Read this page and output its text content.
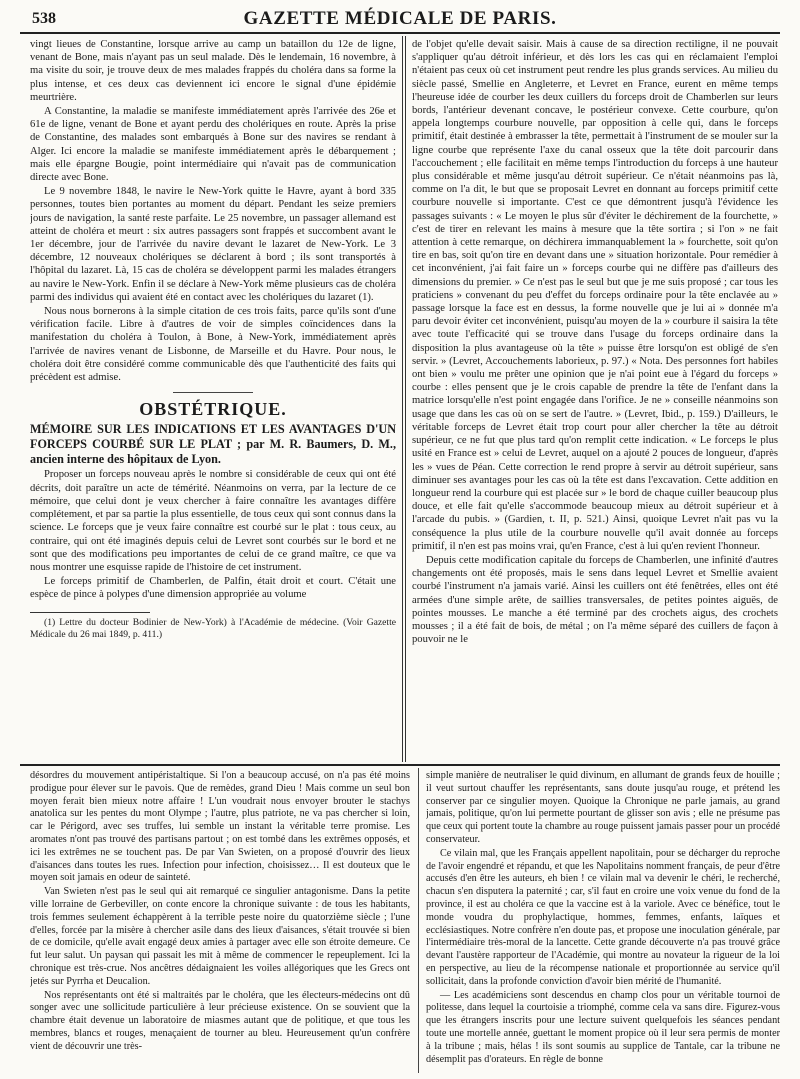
538	GAZETTE MÉDICALE DE PARIS.

vingt lieues de Constantine, lorsque arrive au camp un bataillon du 12e de ligne, venant de Bone, mais n'ayant pas un seul malade. Dès le lendemain, 16 novembre, à ma visite du soir, je trouve deux de mes malades frappés du choléra dans sa forme la plus intense, et ces deux cas deviennent ici encore le signal d'une épidémie meurtrière.

A Constantine, la maladie se manifeste immédiatement après l'arrivée des 26e et 61e de ligne, venant de Bone et ayant perdu des cholériques en route. Après la prise de Constantine, des malades sont embarqués à Bone sur des navires se rendant à Alger. Ici encore la maladie se manifeste immédiatement après le débarquement ; mais elle épargne Bougie, point intermédiaire qui n'avait pas de communication directe avec Bone.

Le 9 novembre 1848, le navire le New-York quitte le Havre, ayant à bord 335 personnes, toutes bien portantes au moment du départ. Pendant les seize premiers jours de navigation, la santé reste parfaite. Le 25 novembre, un passager allemand est atteint de choléra et meurt : six autres passagers sont frappés et succombent avant le 1er décembre, jour de l'arrivée du navire devant le lazaret de New-York. Le 3 décembre, 12 nouveaux cholériques se déclarent à bord ; ils sont transportés à l'hôpital du lazaret. Là, 15 cas de choléra se développent parmi les malades étrangers au navire le New-York. Enfin il se déclare à New-York même plusieurs cas de choléra parmi des individus qui avaient été en contact avec les cholériques du lazaret (1).

Nous nous bornerons à la simple citation de ces trois faits, parce qu'ils sont d'une vérification facile. Libre à d'autres de voir de simples coïncidences dans la manifestation du choléra à Toulon, à Bone, à New-York, immédiatement après l'arrivée de navires venant de Lisbonne, de Marseille et du Havre. Pour nous, le choléra doit être considéré comme communicable dès que l'authenticité des faits qui précèdent est admise.

OBSTÉTRIQUE.

MÉMOIRE SUR LES INDICATIONS ET LES AVANTAGES D'UN FORCEPS COURBÉ SUR LE PLAT ; par M. R. Baumers, D. M., ancien interne des hôpitaux de Lyon.

Proposer un forceps nouveau après le nombre si considérable de ceux qui ont été décrits, doit paraître un acte de témérité. Néanmoins on verra, par la lecture de ce mémoire, que celui dont je veux chercher à faire connaître les avantages diffère complétement, et par sa partie la plus essentielle, de tous ceux qui sont connus dans la science. Le forceps que je veux faire connaître est courbé sur le plat : tous ceux, au contraire, qui ont été imaginés depuis celui de Levret sont courbés sur le bord et ne sont que des modifications peu importantes de celui de ce grand maître, ce que va nous montrer une esquisse rapide de l'histoire de cet instrument.

Le forceps primitif de Chamberlen, de Palfin, était droit et court. C'était une espèce de pince à polypes d'une dimension appropriée au volume

(1) Lettre du docteur Bodinier de New-York) à l'Académie de médecine. (Voir Gazette Médicale du 26 mai 1849, p. 411.)

de l'objet qu'elle devait saisir. Mais à cause de sa direction rectiligne, il ne pouvait s'appliquer qu'au détroit inférieur, et dès lors les cas qui en réclamaient l'emploi n'étaient pas ceux où cet instrument peut rendre les plus grands services. Au milieu du siècle passé, Smellie en Angleterre, et Levret en France, eurent en même temps l'heureuse idée de courber les deux cuillers du forceps droit de Chamberlen sur leurs bords, l'antérieur devenant concave, le postérieur convexe. Cette courbure, qu'on appela longtemps courbure nouvelle, par opposition à celle qui, dans le forceps primitif, était destinée à embrasser la tête, permettait à l'instrument de se mouler sur la ligne courbe que représente l'axe du canal osseux que la tête doit parcourir dans l'accouchement ; elle facilitait en même temps l'introduction du forceps à une hauteur plus considérable et même jusqu'au détroit supérieur. Ce n'était néanmoins pas là, comme on l'a dit, le but que se proposait Levret en donnant au forceps primitif cette courbure nouvelle si importante. C'est ce que démontrent jusqu'à l'évidence les passages suivants : « Le moyen le plus sûr d'éviter le déchirement de la fourchette, » c'est de tirer en relevant les mains à mesure que la tête sortira ; si l'on » ne fait attention à cette remarque, on déchirera immanquablement la » fourchette, soit qu'on tire en bas, soit qu'on tire en devant dans une » situation horizontale. Pour remédier à cet inconvénient, j'ai fait faire un » forceps courbe qui ne diffère pas d'ailleurs des dimensions du premier. » Ce n'est pas le seul but que je me suis proposé ; car tous les praticiens » convenant du peu d'effet du forceps ordinaire pour la tête enclavée au » passage lorsque la face est en dessus, la forme nouvelle que je lui ai » donnée m'a paru devoir éviter cet inconvénient, puisqu'au moyen de la » courbure il saisira la tête avec toute l'efficacité qui se trouve dans l'usage du forceps ordinaire dans la disposition la plus avantageuse où la tête » puisse être lorsqu'on est obligé de s'en servir. » (Levret, Accouchements laborieux, p. 97.) « Nota. Des personnes fort habiles ont bien » voulu me prêter une opinion que je n'ai point eue à l'égard du forceps » courbe : elles pensent que je le crois capable de prendre la tête de l'enfant dans la matrice lorsqu'elle n'est point engagée dans l'orifice. Je ne » conseille néanmoins son usage que dans les cas où on se sert de l'autre. » (Levret, Ibid., p. 159.) D'ailleurs, le véritable forceps de Levret était trop court pour aller chercher la tête au détroit supérieur, ce ne fut que plus tard qu'on remplit cette indication. « Le forceps le plus usité en France est » celui de Levret, auquel on a ajouté 2 pouces de longueur, d'après les » vues de Péan. Cette correction le rend propre à servir au détroit supérieur, sans diminuer ses avantages pour les cas où la tête est dans l'excavation. Cette addition en longueur rend la courbure qui est placée sur » le bord de chaque cuiller beaucoup plus douce, et elle fait qu'elle s'accommode beaucoup mieux au détroit supérieur et à l'arcade du pubis. » (Gardien, t. II, p. 521.) Ainsi, quoique Levret n'ait pas vu la conséquence la plus utile de la courbure nouvelle qu'il avait donnée au forceps primitif, il n'en est pas moins vrai, qu'en France, c'est à lui qu'en revient l'honneur.

Depuis cette modification capitale du forceps de Chamberlen, une infinité d'autres changements ont été proposés, mais le sens dans lequel Levret et Smellie avaient courbé l'instrument n'a jamais varié. Ainsi les cuillers ont été fenêtrées, elles ont été armées d'une simple arête, de saillies transversales, de petites pointes aiguës, de pointes mousses. Le manche a été terminé par des crochets aigus, des crochets mousses ; il a été fait de bois, de métal ; on l'a même séparé des cuillers de façon à pouvoir ne le

désordres du mouvement antipéristaltique. Si l'on a beaucoup accusé, on n'a pas été moins prodigue pour élever sur le pavois. Que de remèdes, grand Dieu ! Mais comme un seul bon moyen ferait bien mieux notre affaire ! L'un voudrait nous envoyer brouter le stachys anatolica sur les pentes du mont Olympe ; l'autre, plus patriote, ne va pas chercher si loin, car le Périgord, avec ses truffes, lui semble un instant la véritable terre promise. Les aromates n'ont pas trouvé des partisans partout ; on est tombé dans les extrêmes opposés, et ici les extrêmes ne se touchent pas. De par Van Swieten, on a proposé d'ouvrir des lieux d'aisances dans toutes les rues. Infection pour infection, choisissez… Il est douteux que le moyen soit jamais en odeur de sainteté.

Van Swieten n'est pas le seul qui ait remarqué ce singulier antagonisme. Dans la petite ville lorraine de Gerbeviller, on conte encore la chronique suivante : de tous les habitants, trois femmes seulement échappèrent à la terrible peste noire du quatorzième siècle ; l'une d'elles, forcée par la misère à chercher asile dans des lieux d'aisances, s'était trouvée si bien de ce domicile, qu'elle avait engagé deux amies à partager avec elle son étroite demeure. Ce fut leur salut. Un paysan qui passait les mit à même de commencer le repeuplement. Ici la chronique est très-crue. Nos ancêtres dédaignaient les voiles allégoriques que les Grecs ont jetés sur Pyrrha et Deucalion.

Nos représentants ont été si maltraités par le choléra, que les électeurs-médecins ont dû songer avec une sollicitude particulière à leur précieuse existence. On se souvient que la chambre était devenue un laboratoire de miasmes autant que de politique, et que tous les membres, blancs et rouges, menaçaient de tourner au bleu. Heureusement qu'un confrère vient de découvrir une très-

simple manière de neutraliser le quid divinum, en allumant de grands feux de houille ; il veut surtout chauffer les représentants, sans doute jusqu'au rouge, et prétend les conserver par ce singulier moyen. Quoique la Chronique ne parle jamais, au grand jamais, politique, qu'on lui permette pourtant de glisser son avis ; elle ne présume pas que ceux qui portent toute la chambre au rouge puissent jamais passer pour un procédé conservateur.

Ce vilain mal, que les Français appellent napolitain, pour se décharger du reproche de l'avoir engendré et répandu, et que les Napolitains nomment français, de peur d'être accusés d'en être les auteurs, eh bien ! ce vilain mal va devenir le chéri, le recherché, chacun s'en disputera la paternité ; car, s'il faut en croire une voix venue du fond de la province, il est au choléra ce que la vaccine est à la variole. Avec ce bénéfice, tout le monde voudra du prophylactique, hommes, femmes, enfants, laïques et ecclésiastiques. Notre confrère n'en doute pas, et propose une inoculation générale, par l'intermédiaire très-moral de la lancette. Cette grande découverte n'a pas trouvé grâce devant l'austère rapporteur de l'Académie, qui montre au novateur la rigueur de la loi en perspective, au lieu de la récompense nationale et proportionnée au service qu'il sollicitait, dans la profonde conviction d'avoir bien mérité de l'humanité.

— Les académiciens sont descendus en champ clos pour un véritable tournoi de politesse, dans lequel la courtoisie a triomphé, comme cela va sans dire. Figurez-vous que les étrangers inscrits pour une lecture suivent quelquefois les séances pendant toute une mortelle année, guettant le moment propice où il leur sera permis de monter à la tribune ; mais, hélas ! ils sont soumis au supplice de Tantale, car la tribune ne désemplit pas d'orateurs. En règle de bonne
